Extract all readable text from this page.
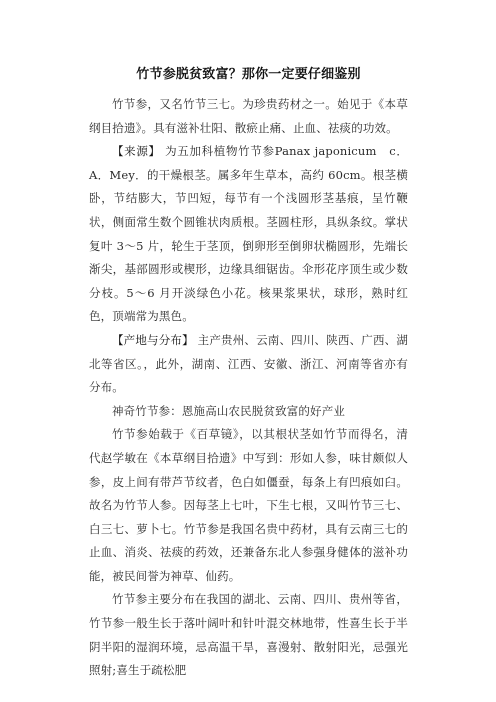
竹节参脱贫致富？那你一定要仔细鉴别

竹节参，又名竹节三七。为珍贵药材之一。始见于《本草纲目拾遗》。具有滋补壮阳、散瘀止痛、止血、祛痰的功效。

【来源】 为五加科植物竹节参Panax japonicum　c．A．Mey．的干燥根茎。属多年生草本，高约 60cm。根茎横卧，节结膨大，节凹短，每节有一个浅圆形茎基痕，呈竹鞭状，侧面常生数个圆锥状肉质根。茎圆柱形，具纵条纹。掌状复叶 3～5 片，轮生于茎顶，倒卵形至倒卵状椭圆形，先端长渐尖，基部圆形或楔形，边缘具细锯齿。伞形花序顶生或少数分枝。5～6 月开淡绿色小花。核果浆果状，球形，熟时红色，顶端常为黑色。

【产地与分布】 主产贵州、云南、四川、陕西、广西、湖北等省区。，此外，湖南、江西、安徽、浙江、河南等省亦有分布。

神奇竹节参：恩施高山农民脱贫致富的好产业

竹节参始载于《百草镜》，以其根状茎如竹节而得名，清代赵学敏在《本草纲目拾遗》中写到：形如人参，味甘颇似人参，皮上间有带芦节纹者，色白如僵蚕，每条上有凹痕如臼。故名为竹节人参。因每茎上七叶，下生七根，又叫竹节三七、白三七、萝卜七。竹节参是我国名贵中药材，具有云南三七的止血、消炎、祛痰的药效，还兼备东北人参强身健体的滋补功能，被民间誉为神草、仙药。

竹节参主要分布在我国的湖北、云南、四川、贵州等省，竹节参一般生长于落叶阔叶和针叶混交林地带，性喜生长于半阴半阳的湿润环境，忌高温干旱，喜漫射、散射阳光，忌强光照射;喜生于疏松肥
